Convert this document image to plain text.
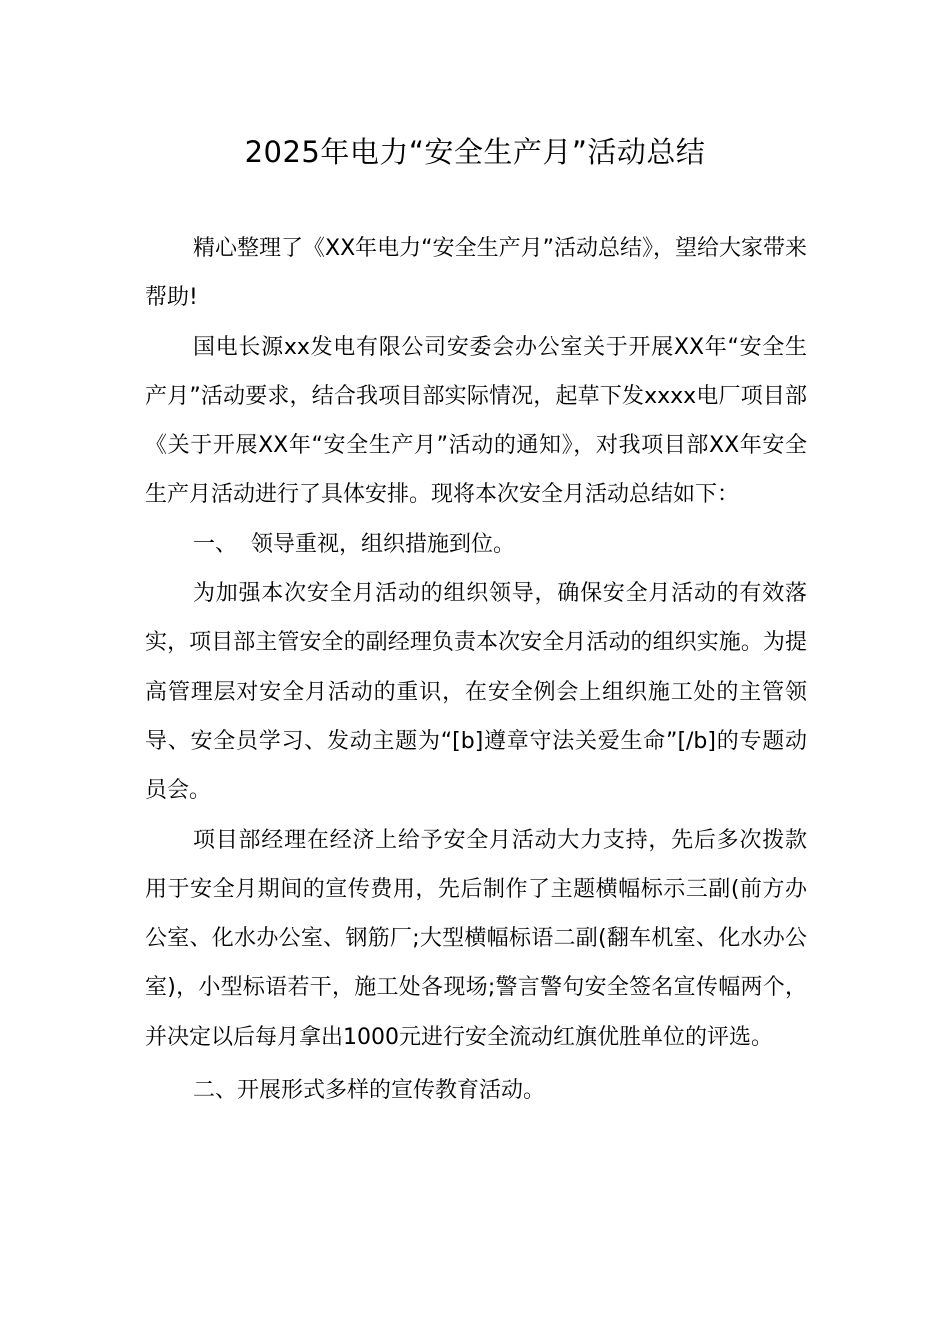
2025年电力“安全生产月”活动总结

精心整理了《XX年电力“安全生产月”活动总结》，望给大家带来帮助!

国电长源xx发电有限公司安委会办公室关于开展XX年“安全生产月”活动要求，结合我项目部实际情况，起草下发xxxx电厂项目部《关于开展XX年“安全生产月”活动的通知》，对我项目部XX年安全生产月活动进行了具体安排。现将本次安全月活动总结如下：

一、  领导重视，组织措施到位。

为加强本次安全月活动的组织领导，确保安全月活动的有效落实，项目部主管安全的副经理负责本次安全月活动的组织实施。为提高管理层对安全月活动的重识，在安全例会上组织施工处的主管领导、安全员学习、发动主题为“[b]遵章守法关爱生命”[/b]的专题动员会。

项目部经理在经济上给予安全月活动大力支持，先后多次拨款用于安全月期间的宣传费用，先后制作了主题横幅标示三副(前方办公室、化水办公室、钢筋厂;大型横幅标语二副(翻车机室、化水办公室)，小型标语若干，施工处各现场;警言警句安全签名宣传幅两个，并决定以后每月拿出1000元进行安全流动红旗优胜单位的评选。

二、开展形式多样的宣传教育活动。
